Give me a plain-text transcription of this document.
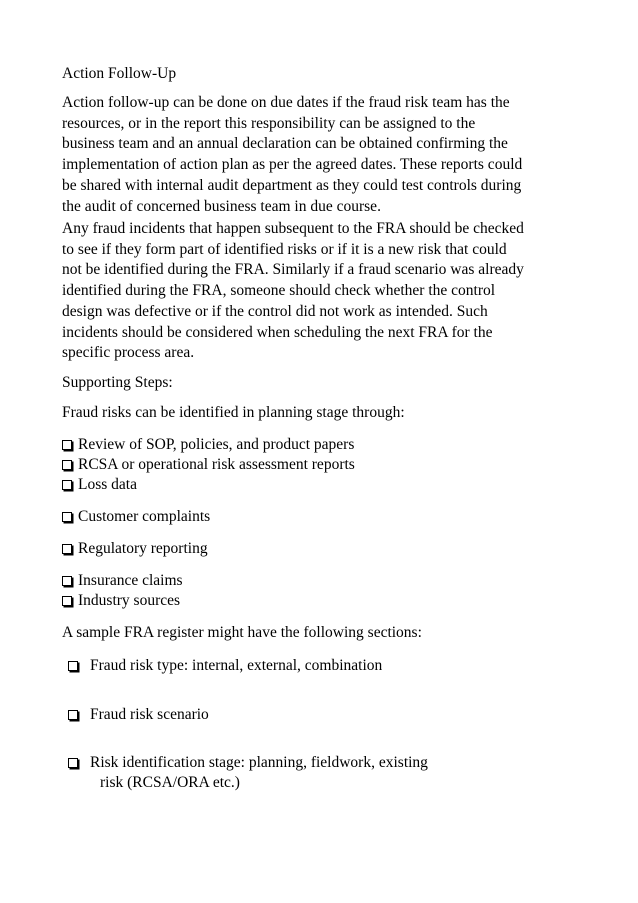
Action Follow-Up
Action follow-up can be done on due dates if the fraud risk team has the
resources, or in the report this responsibility can be assigned to the
business team and an annual declaration can be obtained confirming the
implementation of action plan as per the agreed dates. These reports could
be shared with internal audit department as they could test controls during
the audit of concerned business team in due course.
Any fraud incidents that happen subsequent to the FRA should be checked
to see if they form part of identified risks or if it is a new risk that could
not be identified during the FRA. Similarly if a fraud scenario was already
identified during the FRA, someone should check whether the control
design was defective or if the control did not work as intended. Such
incidents should be considered when scheduling the next FRA for the
specific process area.
Supporting Steps:
Fraud risks can be identified in planning stage through:
Review of SOP, policies, and product papers
RCSA or operational risk assessment reports
Loss data
Customer complaints
Regulatory reporting
Insurance claims
Industry sources
A sample FRA register might have the following sections:
Fraud risk type: internal, external, combination
Fraud risk scenario
Risk identification stage: planning, fieldwork, existing
risk (RCSA/ORA etc.)
